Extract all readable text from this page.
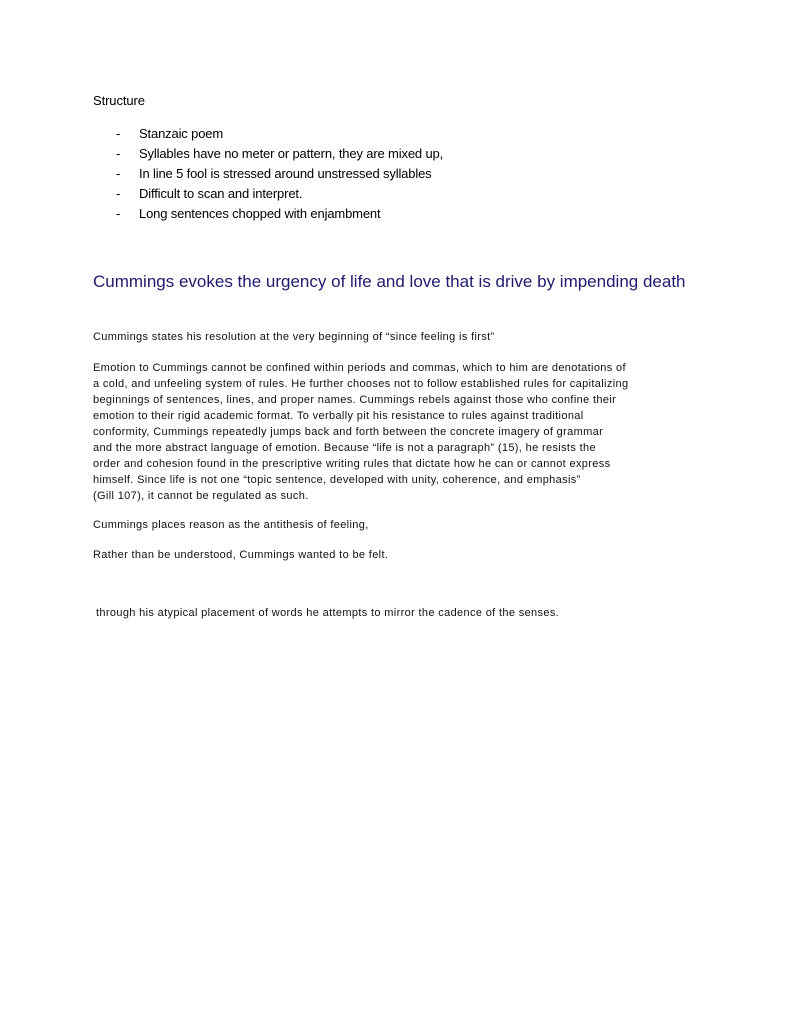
Structure
- Stanzaic poem
- Syllables have no meter or pattern, they are mixed up,
- In line 5 fool is stressed around unstressed syllables
- Difficult to scan and interpret.
- Long sentences chopped with enjambment
Cummings evokes the urgency of life and love that is drive by impending death

Cummings states his resolution at the very beginning of “since feeling is first”

Emotion to Cummings cannot be confined within periods and commas, which to him are denotations of
a cold, and unfeeling system of rules. He further chooses not to follow established rules for capitalizing
beginnings of sentences, lines, and proper names. Cummings rebels against those who confine their
emotion to their rigid academic format. To verbally pit his resistance to rules against traditional
conformity, Cummings repeatedly jumps back and forth between the concrete imagery of grammar
and the more abstract language of emotion. Because “life is not a paragraph” (15), he resists the
order and cohesion found in the prescriptive writing rules that dictate how he can or cannot express
himself. Since life is not one “topic sentence, developed with unity, coherence, and emphasis”
(Gill 107), it cannot be regulated as such.

Cummings places reason as the antithesis of feeling,

Rather than be understood, Cummings wanted to be felt.

through his atypical placement of words he attempts to mirror the cadence of the senses.
